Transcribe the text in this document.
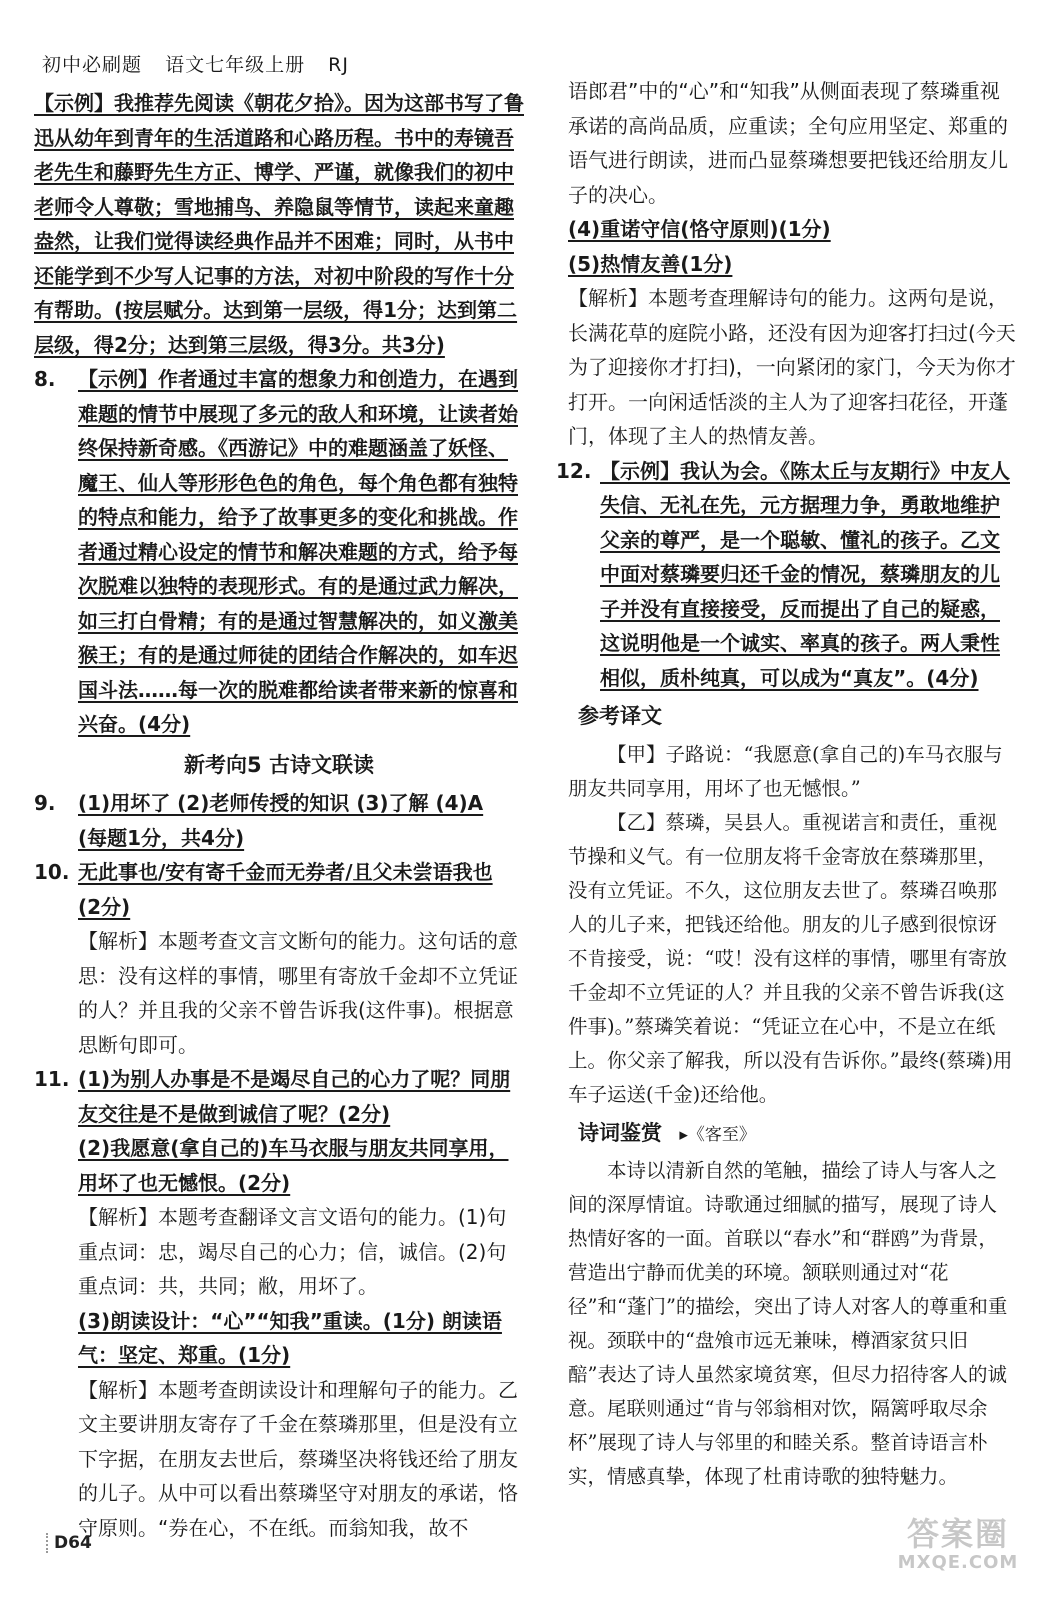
初中必刷题 语文七年级上册 RJ

【示例】我推荐先阅读《朝花夕拾》。因为这部书写了鲁迅从幼年到青年的生活道路和心路历程。书中的寿镜吾老先生和藤野先生方正、博学、严谨，就像我们的初中老师令人尊敬；雪地捕鸟、养隐鼠等情节，读起来童趣盎然，让我们觉得读经典作品并不困难；同时，从书中还能学到不少写人记事的方法，对初中阶段的写作十分有帮助。(按层赋分。达到第一层级，得1分；达到第二层级，得2分；达到第三层级，得3分。共3分)

8.	【示例】作者通过丰富的想象力和创造力，在遇到难题的情节中展现了多元的敌人和环境，让读者始终保持新奇感。《西游记》中的难题涵盖了妖怪、魔王、仙人等形形色色的角色，每个角色都有独特的特点和能力，给予了故事更多的变化和挑战。作者通过精心设定的情节和解决难题的方式，给予每次脱难以独特的表现形式。有的是通过武力解决，如三打白骨精；有的是通过智慧解决的，如义激美猴王；有的是通过师徒的团结合作解决的，如车迟国斗法……每一次的脱难都给读者带来新的惊喜和兴奋。(4分)

新考向5 古诗文联读
9.	(1)用坏了 (2)老师传授的知识 (3)了解 (4)A

(每题1分，共4分)

10. 无此事也/安有寄千金而无券者/且父未尝语我也

(2分)

【解析】本题考查文言文断句的能力。这句话的意思：没有这样的事情，哪里有寄放千金却不立凭证的人？并且我的父亲不曾告诉我(这件事)。根据意思断句即可。

11. (1)为别人办事是不是竭尽自己的心力了呢？同朋友交往是不是做到诚信了呢？(2分)

(2)我愿意(拿自己的)车马衣服与朋友共同享用，用坏了也无憾恨。(2分)

【解析】本题考查翻译文言文语句的能力。(1)句重点词：忠，竭尽自己的心力；信，诚信。(2)句重点词：共，共同；敝，用坏了。

(3)朗读设计：“心”“知我”重读。(1分) 朗读语气：坚定、郑重。(1分)

【解析】本题考查朗读设计和理解句子的能力。乙文主要讲朋友寄存了千金在蔡璘那里，但是没有立下字据，在朋友去世后，蔡璘坚决将钱还给了朋友的儿子。从中可以看出蔡璘坚守对朋友的承诺，恪守原则。“券在心，不在纸。而翁知我，故不

语郎君”中的“心”和“知我”从侧面表现了蔡璘重视承诺的高尚品质，应重读；全句应用坚定、郑重的语气进行朗读，进而凸显蔡璘想要把钱还给朋友儿子的决心。

(4)重诺守信(恪守原则)(1分)

(5)热情友善(1分)

【解析】本题考查理解诗句的能力。这两句是说，长满花草的庭院小路，还没有因为迎客打扫过(今天为了迎接你才打扫)，一向紧闭的家门，今天为你才打开。一向闲适恬淡的主人为了迎客扫花径，开蓬门，体现了主人的热情友善。

12. 【示例】我认为会。《陈太丘与友期行》中友人失信、无礼在先，元方据理力争，勇敢地维护父亲的尊严，是一个聪敏、懂礼的孩子。乙文中面对蔡璘要归还千金的情况，蔡璘朋友的儿子并没有直接接受，反而提出了自己的疑惑，这说明他是一个诚实、率真的孩子。两人秉性相似，质朴纯真，可以成为“真友”。(4分)

参考译文

【甲】子路说：“我愿意(拿自己的)车马衣服与朋友共同享用，用坏了也无憾恨。”

【乙】蔡璘，吴县人。重视诺言和责任，重视节操和义气。有一位朋友将千金寄放在蔡璘那里，没有立凭证。不久，这位朋友去世了。蔡璘召唤那人的儿子来，把钱还给他。朋友的儿子感到很惊讶不肯接受，说：“哎！没有这样的事情，哪里有寄放千金却不立凭证的人？并且我的父亲不曾告诉我(这件事)。”蔡璘笑着说：“凭证立在心中，不是立在纸上。你父亲了解我，所以没有告诉你。”最终(蔡璘)用车子运送(千金)还给他。

诗词鉴赏 ▸《客至》

本诗以清新自然的笔触，描绘了诗人与客人之间的深厚情谊。诗歌通过细腻的描写，展现了诗人热情好客的一面。首联以“春水”和“群鸥”为背景，营造出宁静而优美的环境。颔联则通过对“花径”和“蓬门”的描绘，突出了诗人对客人的尊重和重视。颈联中的“盘飧市远无兼味，樽酒家贫只旧醅”表达了诗人虽然家境贫寒，但尽力招待客人的诚意。尾联则通过“肯与邻翁相对饮，隔篱呼取尽余杯”展现了诗人与邻里的和睦关系。整首诗语言朴实，情感真挚，体现了杜甫诗歌的独特魅力。

D64	答案圈
MXQE.COM
